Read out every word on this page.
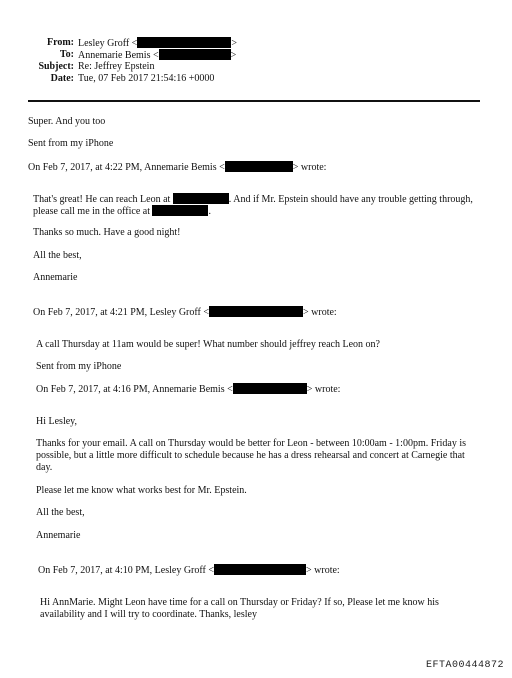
From: Lesley Groff <	>
To: Annemarie Bemis <	>
Subject: Re: Jeffrey Epstein
Date: Tue, 07 Feb 2017 21:54:16 +0000
Super. And you too
Sent from my iPhone
On Feb 7, 2017, at 4:22 PM, Annemarie Bemis <	> wrote:
That's great! He can reach Leon at	. And if Mr. Epstein should have any trouble getting through,
please call me in the office at	.
Thanks so much. Have a good night!
All the best,
Annemarie
On Feb 7, 2017, at 4:21 PM, Lesley Groff <	> wrote:
A call Thursday at 11am would be super! What number should jeffrey reach Leon on?
Sent from my iPhone
On Feb 7, 2017, at 4:16 PM, Annemarie Bemis <	> wrote:
Hi Lesley,
Thanks for your email. A call on Thursday would be better for Leon - between 10:00am - 1:00pm. Friday is
possible, but a little more difficult to schedule because he has a dress rehearsal and concert at Carnegie that
day.
Please let me know what works best for Mr. Epstein.
All the best,
Annemarie
On Feb 7, 2017, at 4:10 PM, Lesley Groff <	> wrote:
Hi AnnMarie. Might Leon have time for a call on Thursday or Friday? If so, Please let me know his
availability and I will try to coordinate. Thanks, lesley
EFTA00444872
